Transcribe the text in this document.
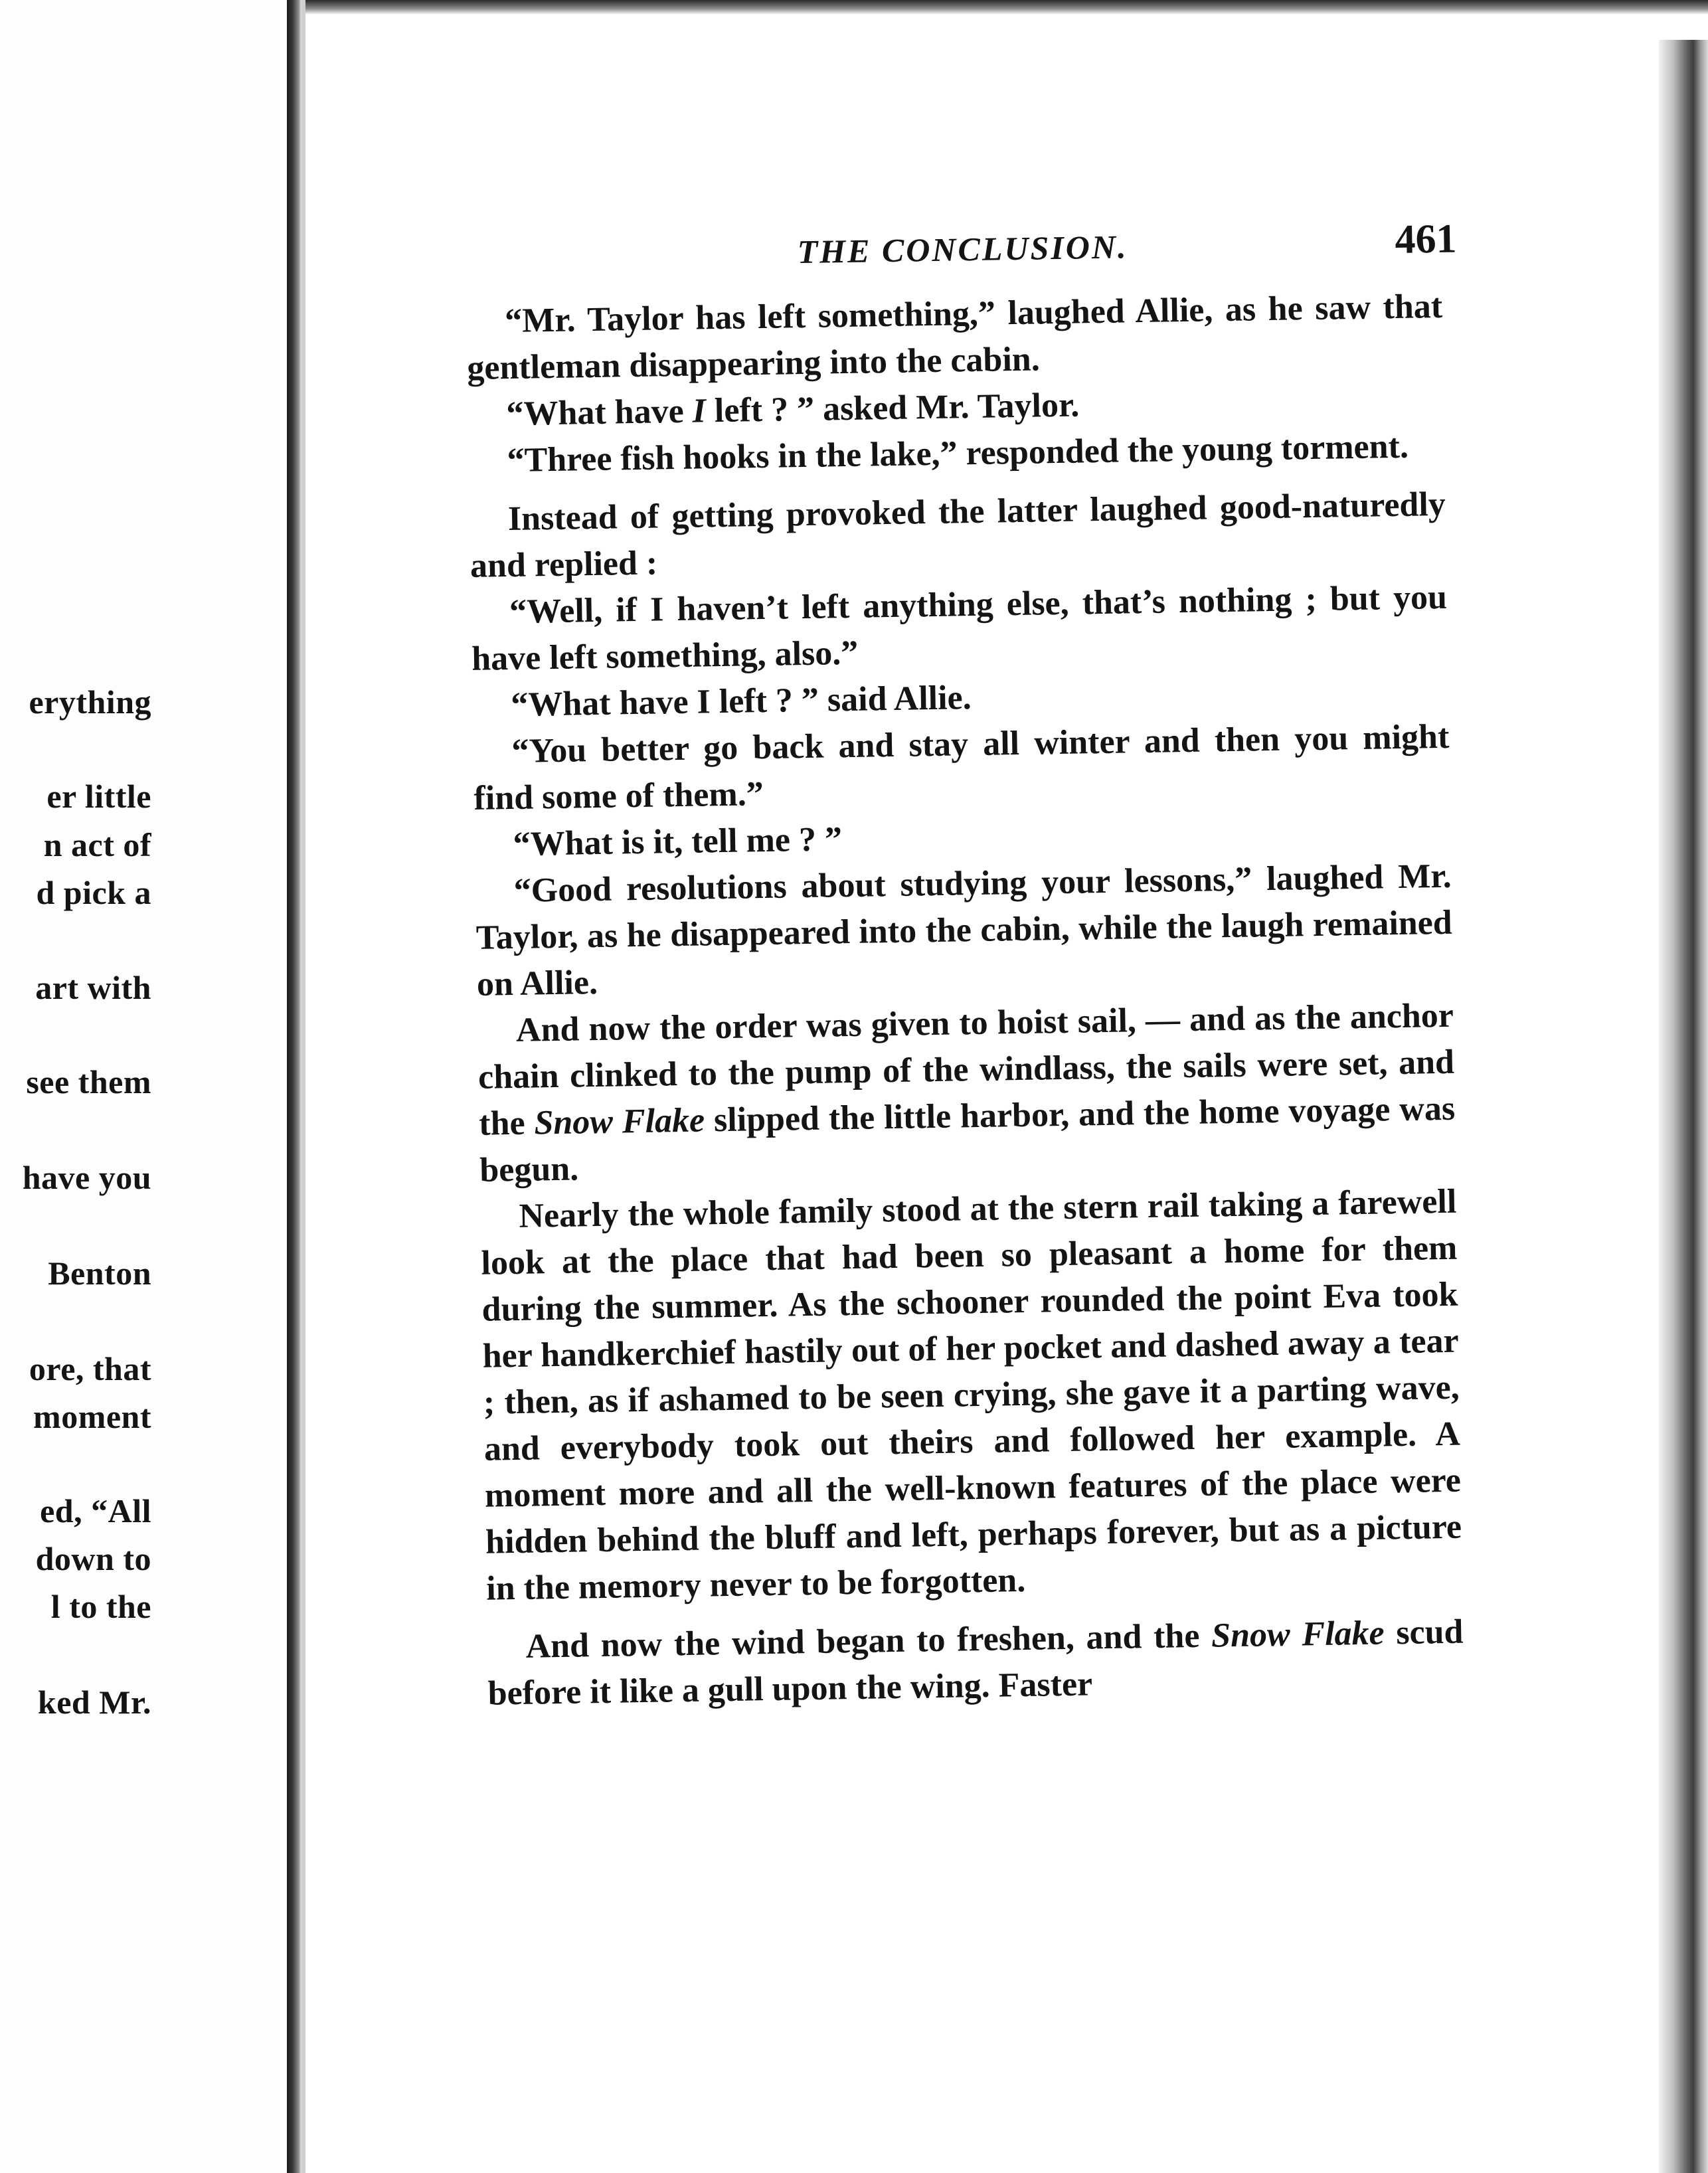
erything
er little
n act of
d pick a
art with
see them
have you
Benton
ore, that
moment
ed, “All
down to
l to the
ked Mr.
THE CONCLUSION.	461

“Mr. Taylor has left something,” laughed Allie, as he saw that gentleman disappearing into the cabin.

“What have I left ? ” asked Mr. Taylor.

“Three fish hooks in the lake,” responded the young torment.

Instead of getting provoked the latter laughed good-naturedly and replied :

“Well, if I haven’t left anything else, that’s nothing ; but you have left something, also.”

“What have I left ? ” said Allie.

“You better go back and stay all winter and then you might find some of them.”

“What is it, tell me ? ”

“Good resolutions about studying your lessons,” laughed Mr. Taylor, as he disappeared into the cabin, while the laugh remained on Allie.

And now the order was given to hoist sail, — and as the anchor chain clinked to the pump of the windlass, the sails were set, and the Snow Flake slipped the little harbor, and the home voyage was begun.

Nearly the whole family stood at the stern rail taking a farewell look at the place that had been so pleasant a home for them during the summer. As the schooner rounded the point Eva took her handkerchief hastily out of her pocket and dashed away a tear ; then, as if ashamed to be seen crying, she gave it a parting wave, and everybody took out theirs and followed her example. A moment more and all the well-known features of the place were hidden behind the bluff and left, perhaps forever, but as a picture in the memory never to be forgotten.

And now the wind began to freshen, and the Snow Flake scud before it like a gull upon the wing. Faster
